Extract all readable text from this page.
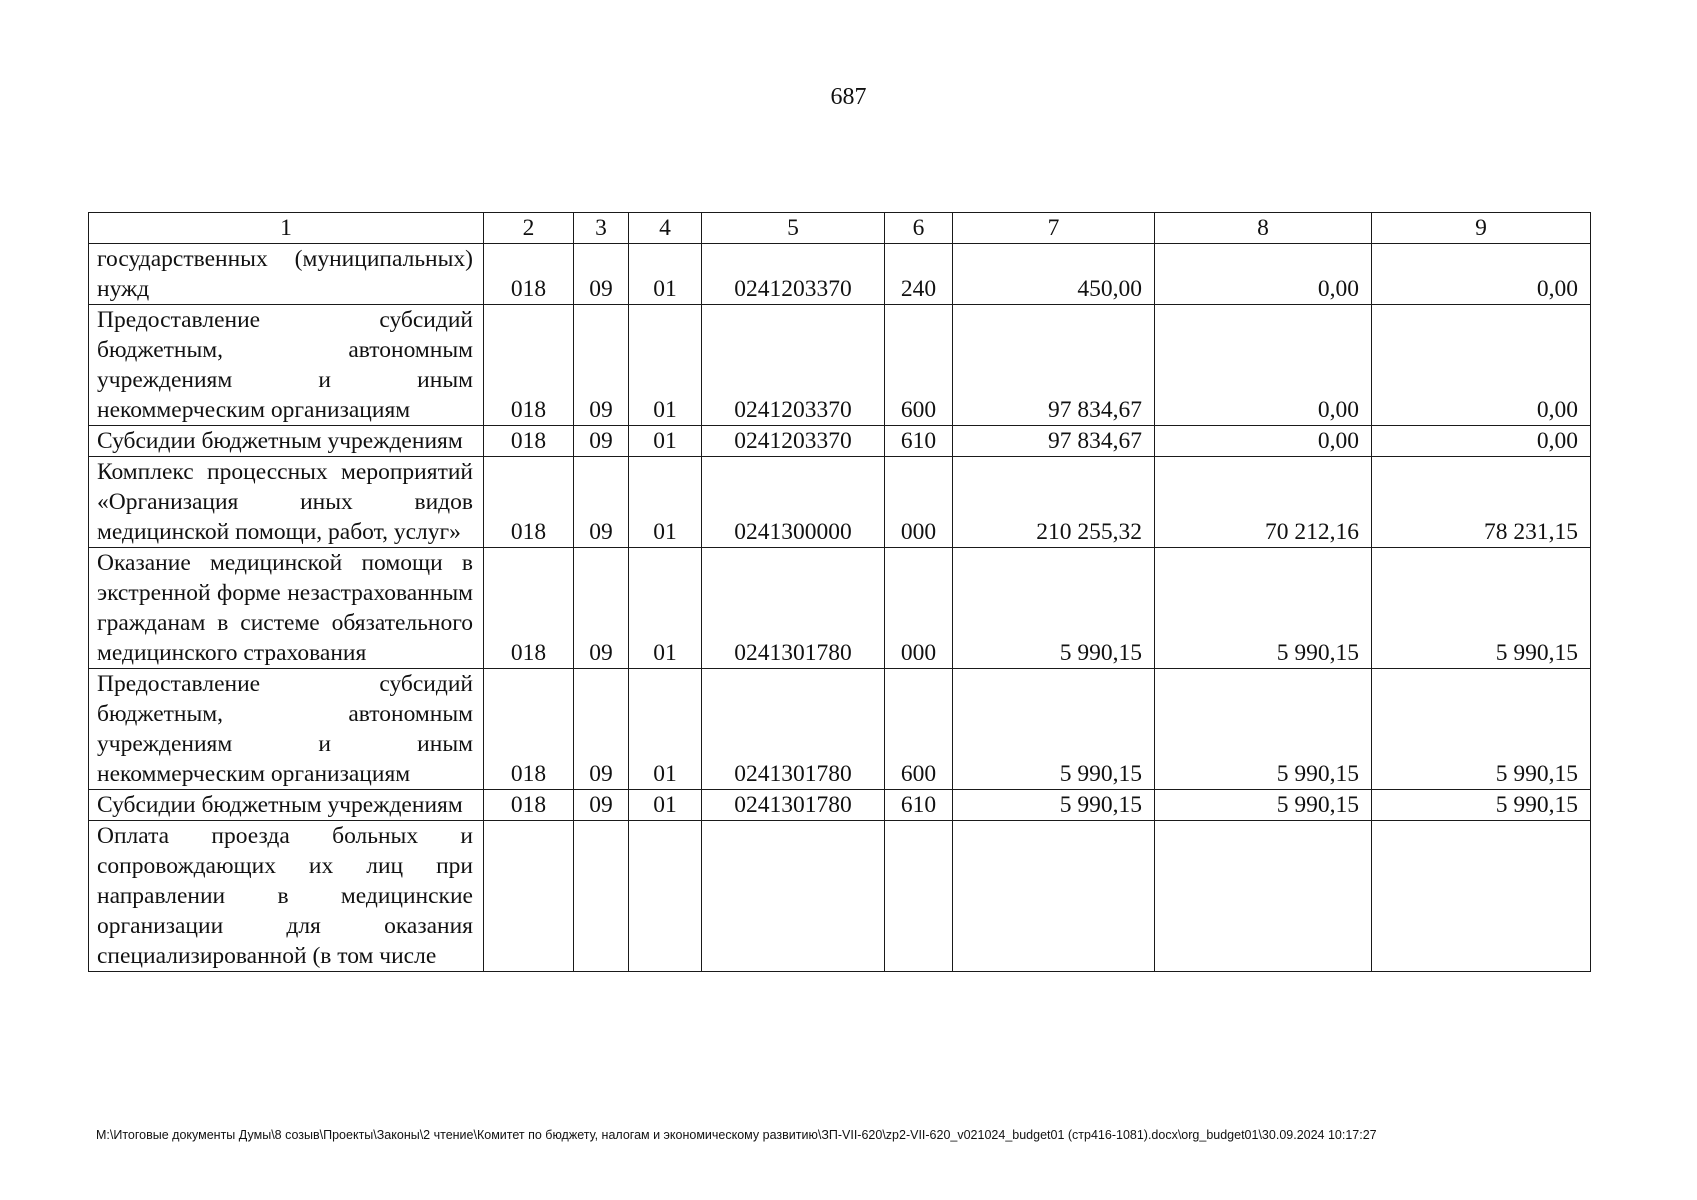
687
1	2	3	4	5	6	7	8	9
государственных (муниципальных) нужд	018	09	01	0241203370	240	450,00	0,00	0,00
Предоставление субсидий бюджетным, автономным учреждениям и иным некоммерческим организациям	018	09	01	0241203370	600	97 834,67	0,00	0,00
Субсидии бюджетным учреждениям	018	09	01	0241203370	610	97 834,67	0,00	0,00
Комплекс процессных мероприятий «Организация иных видов медицинской помощи, работ, услуг»	018	09	01	0241300000	000	210 255,32	70 212,16	78 231,15
Оказание медицинской помощи в экстренной форме незастрахованным гражданам в системе обязательного медицинского страхования	018	09	01	0241301780	000	5 990,15	5 990,15	5 990,15
Предоставление субсидий бюджетным, автономным учреждениям и иным некоммерческим организациям	018	09	01	0241301780	600	5 990,15	5 990,15	5 990,15
Субсидии бюджетным учреждениям	018	09	01	0241301780	610	5 990,15	5 990,15	5 990,15
Оплата проезда больных и сопровождающих их лиц при направлении в медицинские организации для оказания специализированной (в том числе								
M:\Итоговые документы Думы\8 созыв\Проекты\Законы\2 чтение\Комитет по бюджету, налогам и экономическому развитию\ЗП-VII-620\zp2-VII-620_v021024_budget01 (стр416-1081).docx\org_budget01\30.09.2024 10:17:27
